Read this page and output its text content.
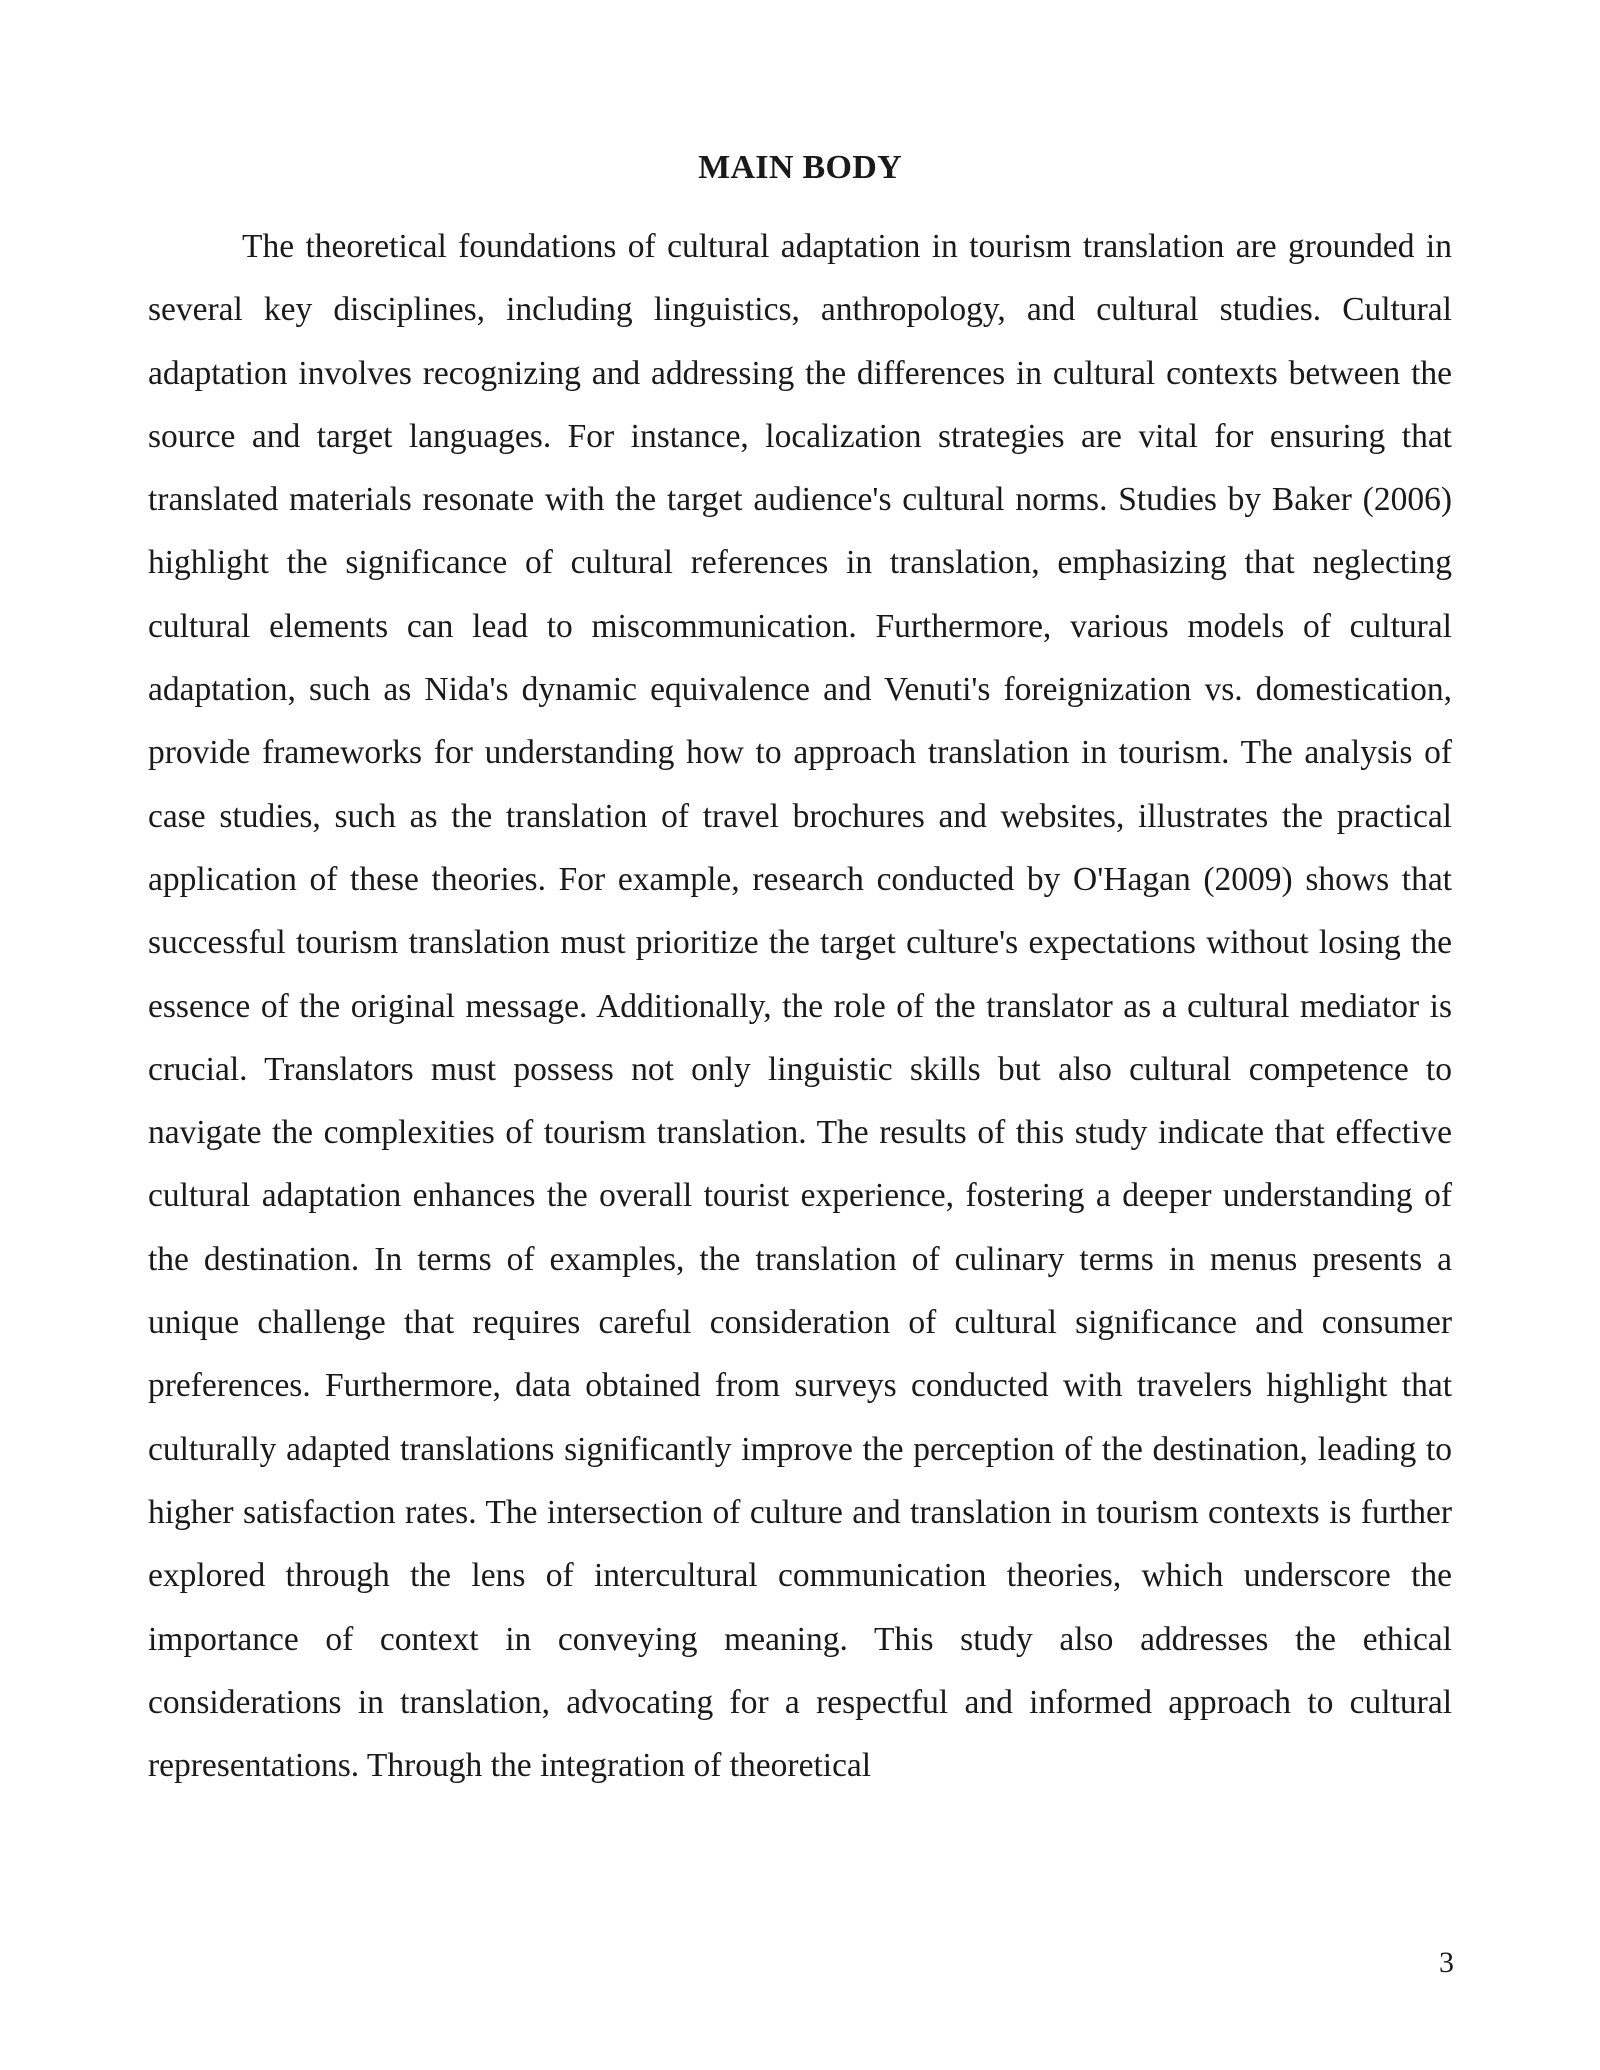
MAIN BODY

The theoretical foundations of cultural adaptation in tourism translation are grounded in several key disciplines, including linguistics, anthropology, and cultural studies. Cultural adaptation involves recognizing and addressing the differences in cultural contexts between the source and target languages. For instance, localization strategies are vital for ensuring that translated materials resonate with the target audience's cultural norms. Studies by Baker (2006) highlight the significance of cultural references in translation, emphasizing that neglecting cultural elements can lead to miscommunication. Furthermore, various models of cultural adaptation, such as Nida's dynamic equivalence and Venuti's foreignization vs. domestication, provide frameworks for understanding how to approach translation in tourism. The analysis of case studies, such as the translation of travel brochures and websites, illustrates the practical application of these theories. For example, research conducted by O'Hagan (2009) shows that successful tourism translation must prioritize the target culture's expectations without losing the essence of the original message. Additionally, the role of the translator as a cultural mediator is crucial. Translators must possess not only linguistic skills but also cultural competence to navigate the complexities of tourism translation. The results of this study indicate that effective cultural adaptation enhances the overall tourist experience, fostering a deeper understanding of the destination. In terms of examples, the translation of culinary terms in menus presents a unique challenge that requires careful consideration of cultural significance and consumer preferences. Furthermore, data obtained from surveys conducted with travelers highlight that culturally adapted translations significantly improve the perception of the destination, leading to higher satisfaction rates. The intersection of culture and translation in tourism contexts is further explored through the lens of intercultural communication theories, which underscore the importance of context in conveying meaning. This study also addresses the ethical considerations in translation, advocating for a respectful and informed approach to cultural representations. Through the integration of theoretical

3
